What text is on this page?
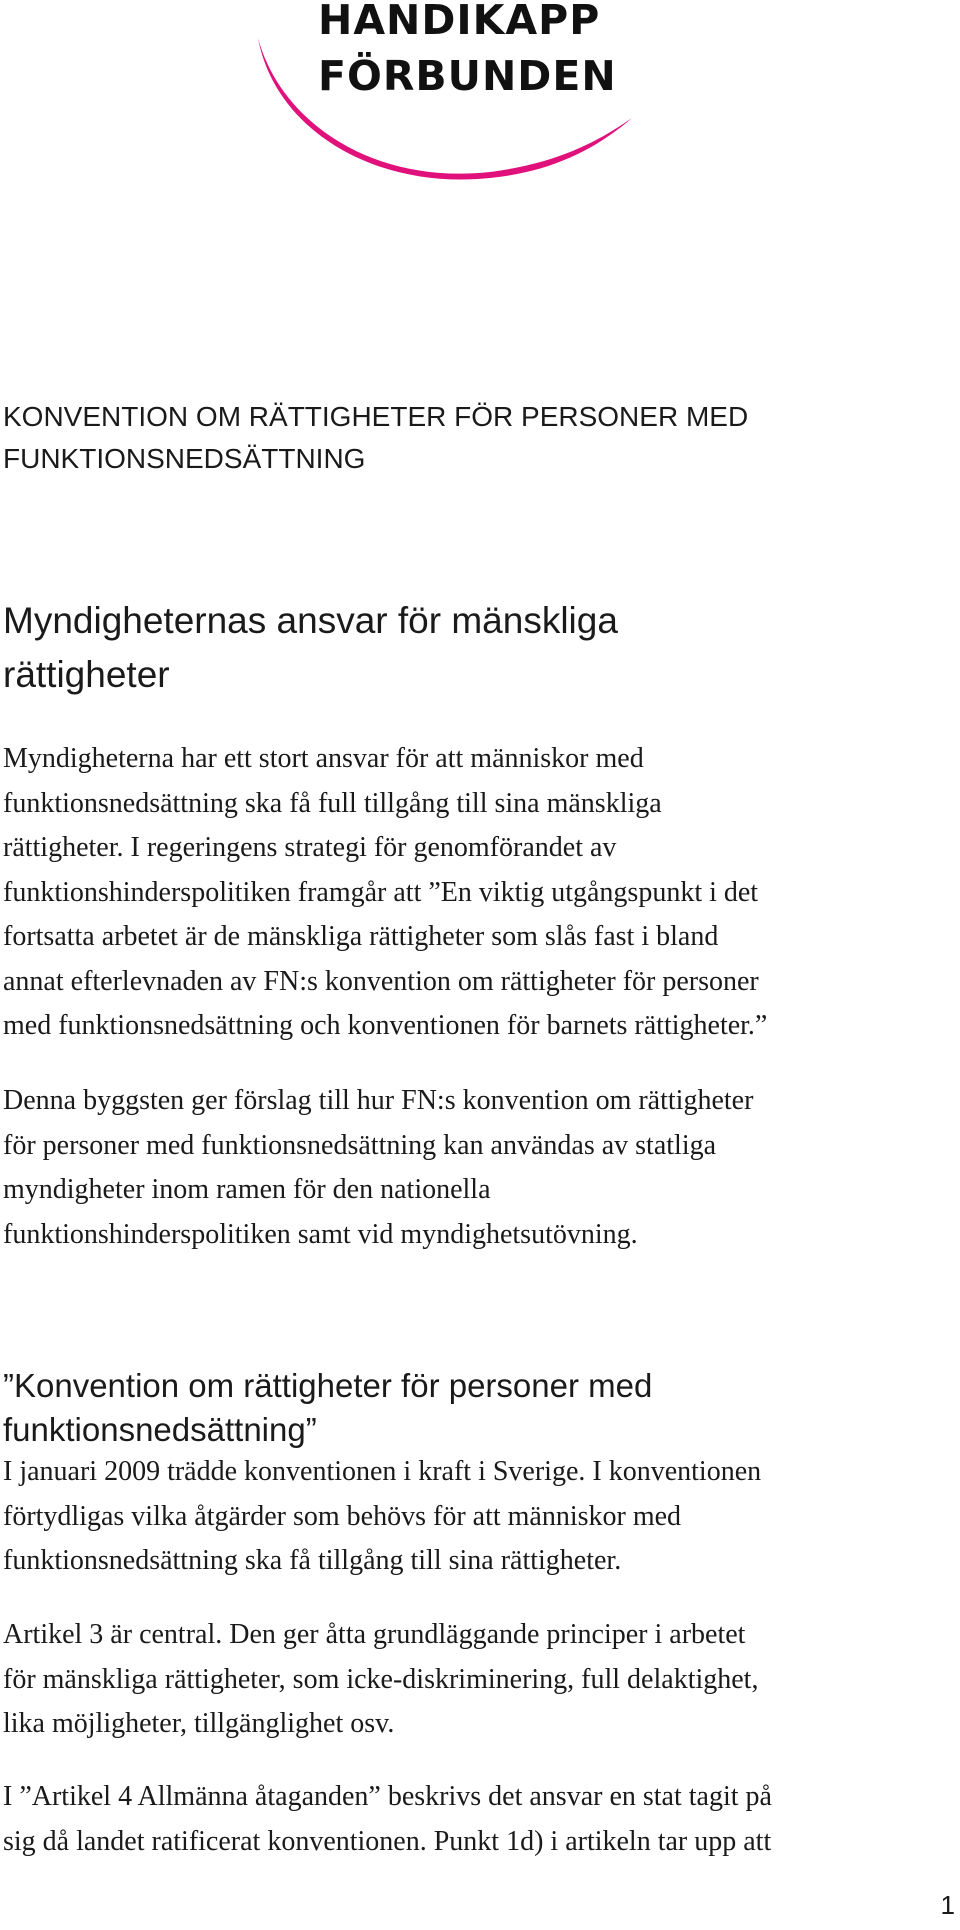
HANDIKAPP
FÖRBUNDEN
KONVENTION OM RÄTTIGHETER FÖR PERSONER MED
FUNKTIONSNEDSÄTTNING
Myndigheternas ansvar för mänskliga
rättigheter

Myndigheterna har ett stort ansvar för att människor med
funktionsnedsättning ska få full tillgång till sina mänskliga
rättigheter. I regeringens strategi för genomförandet av
funktionshinderspolitiken framgår att ”En viktig utgångspunkt i det
fortsatta arbetet är de mänskliga rättigheter som slås fast i bland
annat efterlevnaden av FN:s konvention om rättigheter för personer
med funktionsnedsättning och konventionen för barnets rättigheter.”

Denna byggsten ger förslag till hur FN:s konvention om rättigheter
för personer med funktionsnedsättning kan användas av statliga
myndigheter inom ramen för den nationella
funktionshinderspolitiken samt vid myndighetsutövning.

”Konvention om rättigheter för personer med
funktionsnedsättning”

I januari 2009 trädde konventionen i kraft i Sverige. I konventionen
förtydligas vilka åtgärder som behövs för att människor med
funktionsnedsättning ska få tillgång till sina rättigheter.

Artikel 3 är central. Den ger åtta grundläggande principer i arbetet
för mänskliga rättigheter, som icke-diskriminering, full delaktighet,
lika möjligheter, tillgänglighet osv.

I ”Artikel 4 Allmänna åtaganden” beskrivs det ansvar en stat tagit på
sig då landet ratificerat konventionen. Punkt 1d) i artikeln tar upp att

1
